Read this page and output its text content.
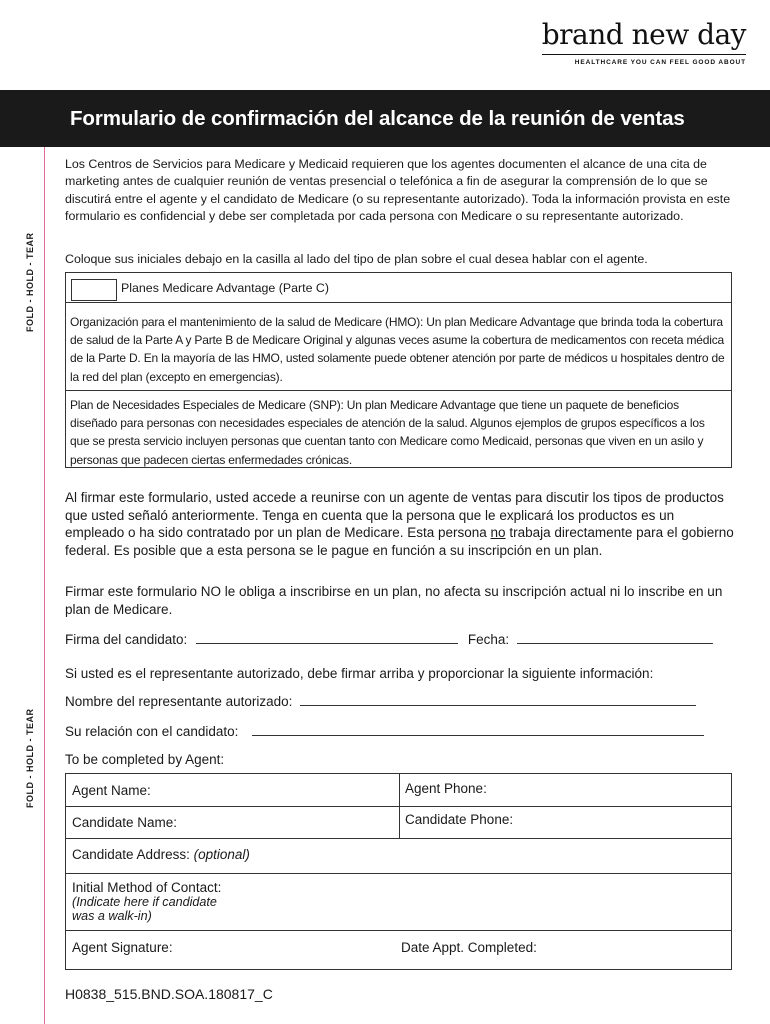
FOLD - HOLD - TEAR
FOLD - HOLD - TEAR
brand new day
HEALTHCARE YOU CAN FEEL GOOD ABOUT
Formulario de confirmación del alcance de la reunión de ventas
Los Centros de Servicios para Medicare y Medicaid requieren que los agentes documenten el alcance de una cita de marketing antes de cualquier reunión de ventas presencial o telefónica a fin de asegurar la comprensión de lo que se discutirá entre el agente y el candidato de Medicare (o su representante autorizado). Toda la información provista en este formulario es confidencial y debe ser completada por cada persona con Medicare o su representante autorizado.
Coloque sus iniciales debajo en la casilla al lado del tipo de plan sobre el cual desea hablar con el agente.
Planes Medicare Advantage (Parte C)
Organización para el mantenimiento de la salud de Medicare (HMO): Un plan Medicare Advantage que brinda toda la cobertura de salud de la Parte A y Parte B de Medicare Original y algunas veces asume la cobertura de medicamentos con receta médica de la Parte D. En la mayoría de las HMO, usted solamente puede obtener atención por parte de médicos u hospitales dentro de la red del plan (excepto en emergencias).
Plan de Necesidades Especiales de Medicare (SNP): Un plan Medicare Advantage que tiene un paquete de beneficios diseñado para personas con necesidades especiales de atención de la salud. Algunos ejemplos de grupos específicos a los que se presta servicio incluyen personas que cuentan tanto con Medicare como Medicaid, personas que viven en un asilo y personas que padecen ciertas enfermedades crónicas.
Al firmar este formulario, usted accede a reunirse con un agente de ventas para discutir los tipos de productos que usted señaló anteriormente. Tenga en cuenta que la persona que le explicará los productos es un empleado o ha sido contratado por un plan de Medicare. Esta persona no trabaja directamente para el gobierno federal. Es posible que a esta persona se le pague en función a su inscripción en un plan.
Firmar este formulario NO le obliga a inscribirse en un plan, no afecta su inscripción actual ni lo inscribe en un plan de Medicare.
Firma del candidato:	Fecha:
Si usted es el representante autorizado, debe firmar arriba y proporcionar la siguiente información:
Nombre del representante autorizado:
Su relación con el candidato:
To be completed by Agent:
Agent Name:	Agent Phone:
Candidate Name:	Candidate Phone:
Candidate Address: (optional)
Initial Method of Contact:
(Indicate here if candidate
was a walk-in)
Agent Signature:	Date Appt. Completed:
H0838_515.BND.SOA.180817_C
